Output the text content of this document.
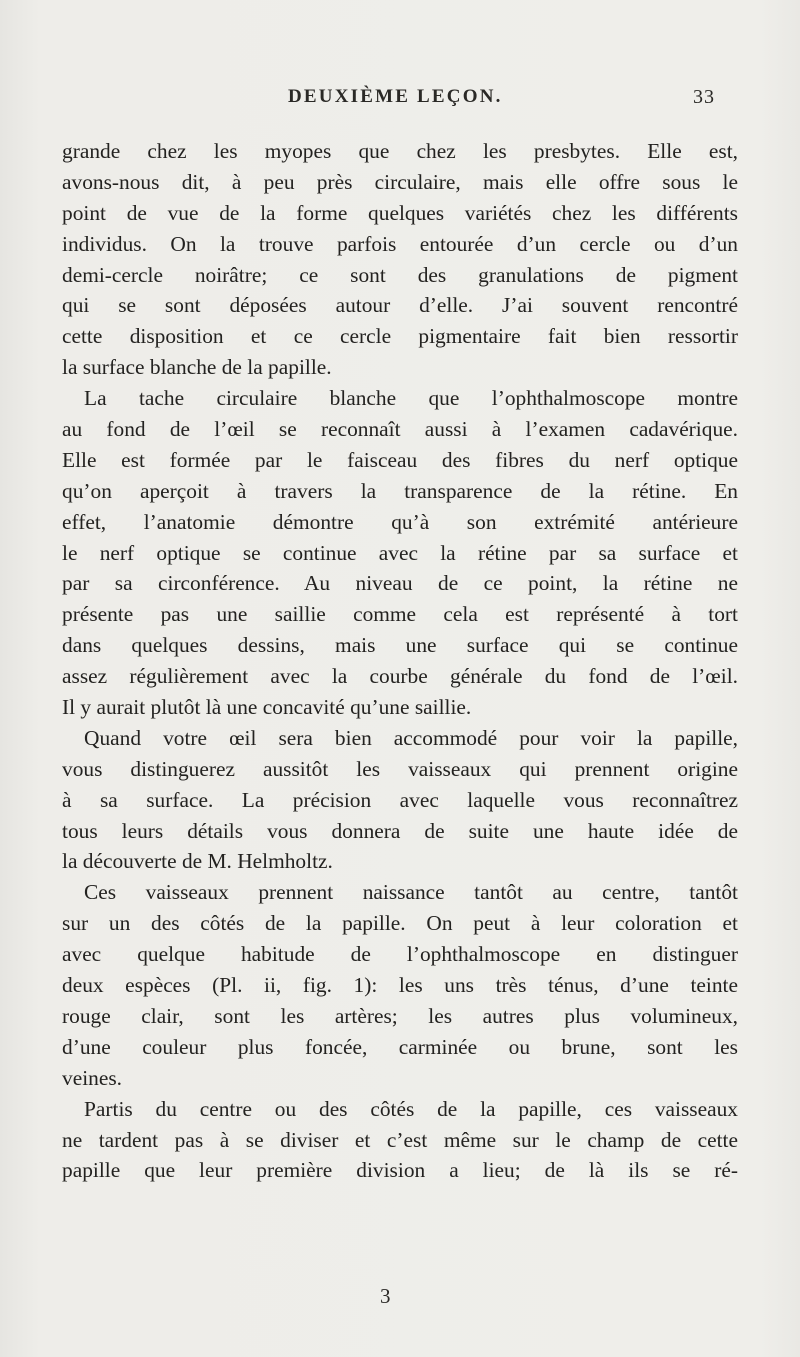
DEUXIÈME LEÇON.	33
grande chez les myopes que chez les presbytes. Elle est,
avons-nous dit, à peu près circulaire, mais elle offre sous le
point de vue de la forme quelques variétés chez les différents
individus. On la trouve parfois entourée d’un cercle ou d’un
demi-cercle noirâtre; ce sont des granulations de pigment
qui se sont déposées autour d’elle. J’ai souvent rencontré
cette disposition et ce cercle pigmentaire fait bien ressortir
la surface blanche de la papille.
La tache circulaire blanche que l’ophthalmoscope montre
au fond de l’œil se reconnaît aussi à l’examen cadavérique.
Elle est formée par le faisceau des fibres du nerf optique
qu’on aperçoit à travers la transparence de la rétine. En
effet, l’anatomie démontre qu’à son extrémité antérieure
le nerf optique se continue avec la rétine par sa surface et
par sa circonférence. Au niveau de ce point, la rétine ne
présente pas une saillie comme cela est représenté à tort
dans quelques dessins, mais une surface qui se continue
assez régulièrement avec la courbe générale du fond de l’œil.
Il y aurait plutôt là une concavité qu’une saillie.
Quand votre œil sera bien accommodé pour voir la papille,
vous distinguerez aussitôt les vaisseaux qui prennent origine
à sa surface. La précision avec laquelle vous reconnaîtrez
tous leurs détails vous donnera de suite une haute idée de
la découverte de M. Helmholtz.
Ces vaisseaux prennent naissance tantôt au centre, tantôt
sur un des côtés de la papille. On peut à leur coloration et
avec quelque habitude de l’ophthalmoscope en distinguer
deux espèces (Pl. ii, fig. 1): les uns très ténus, d’une teinte
rouge clair, sont les artères; les autres plus volumineux,
d’une couleur plus foncée, carminée ou brune, sont les
veines.
Partis du centre ou des côtés de la papille, ces vaisseaux
ne tardent pas à se diviser et c’est même sur le champ de cette
papille que leur première division a lieu; de là ils se ré-
3
